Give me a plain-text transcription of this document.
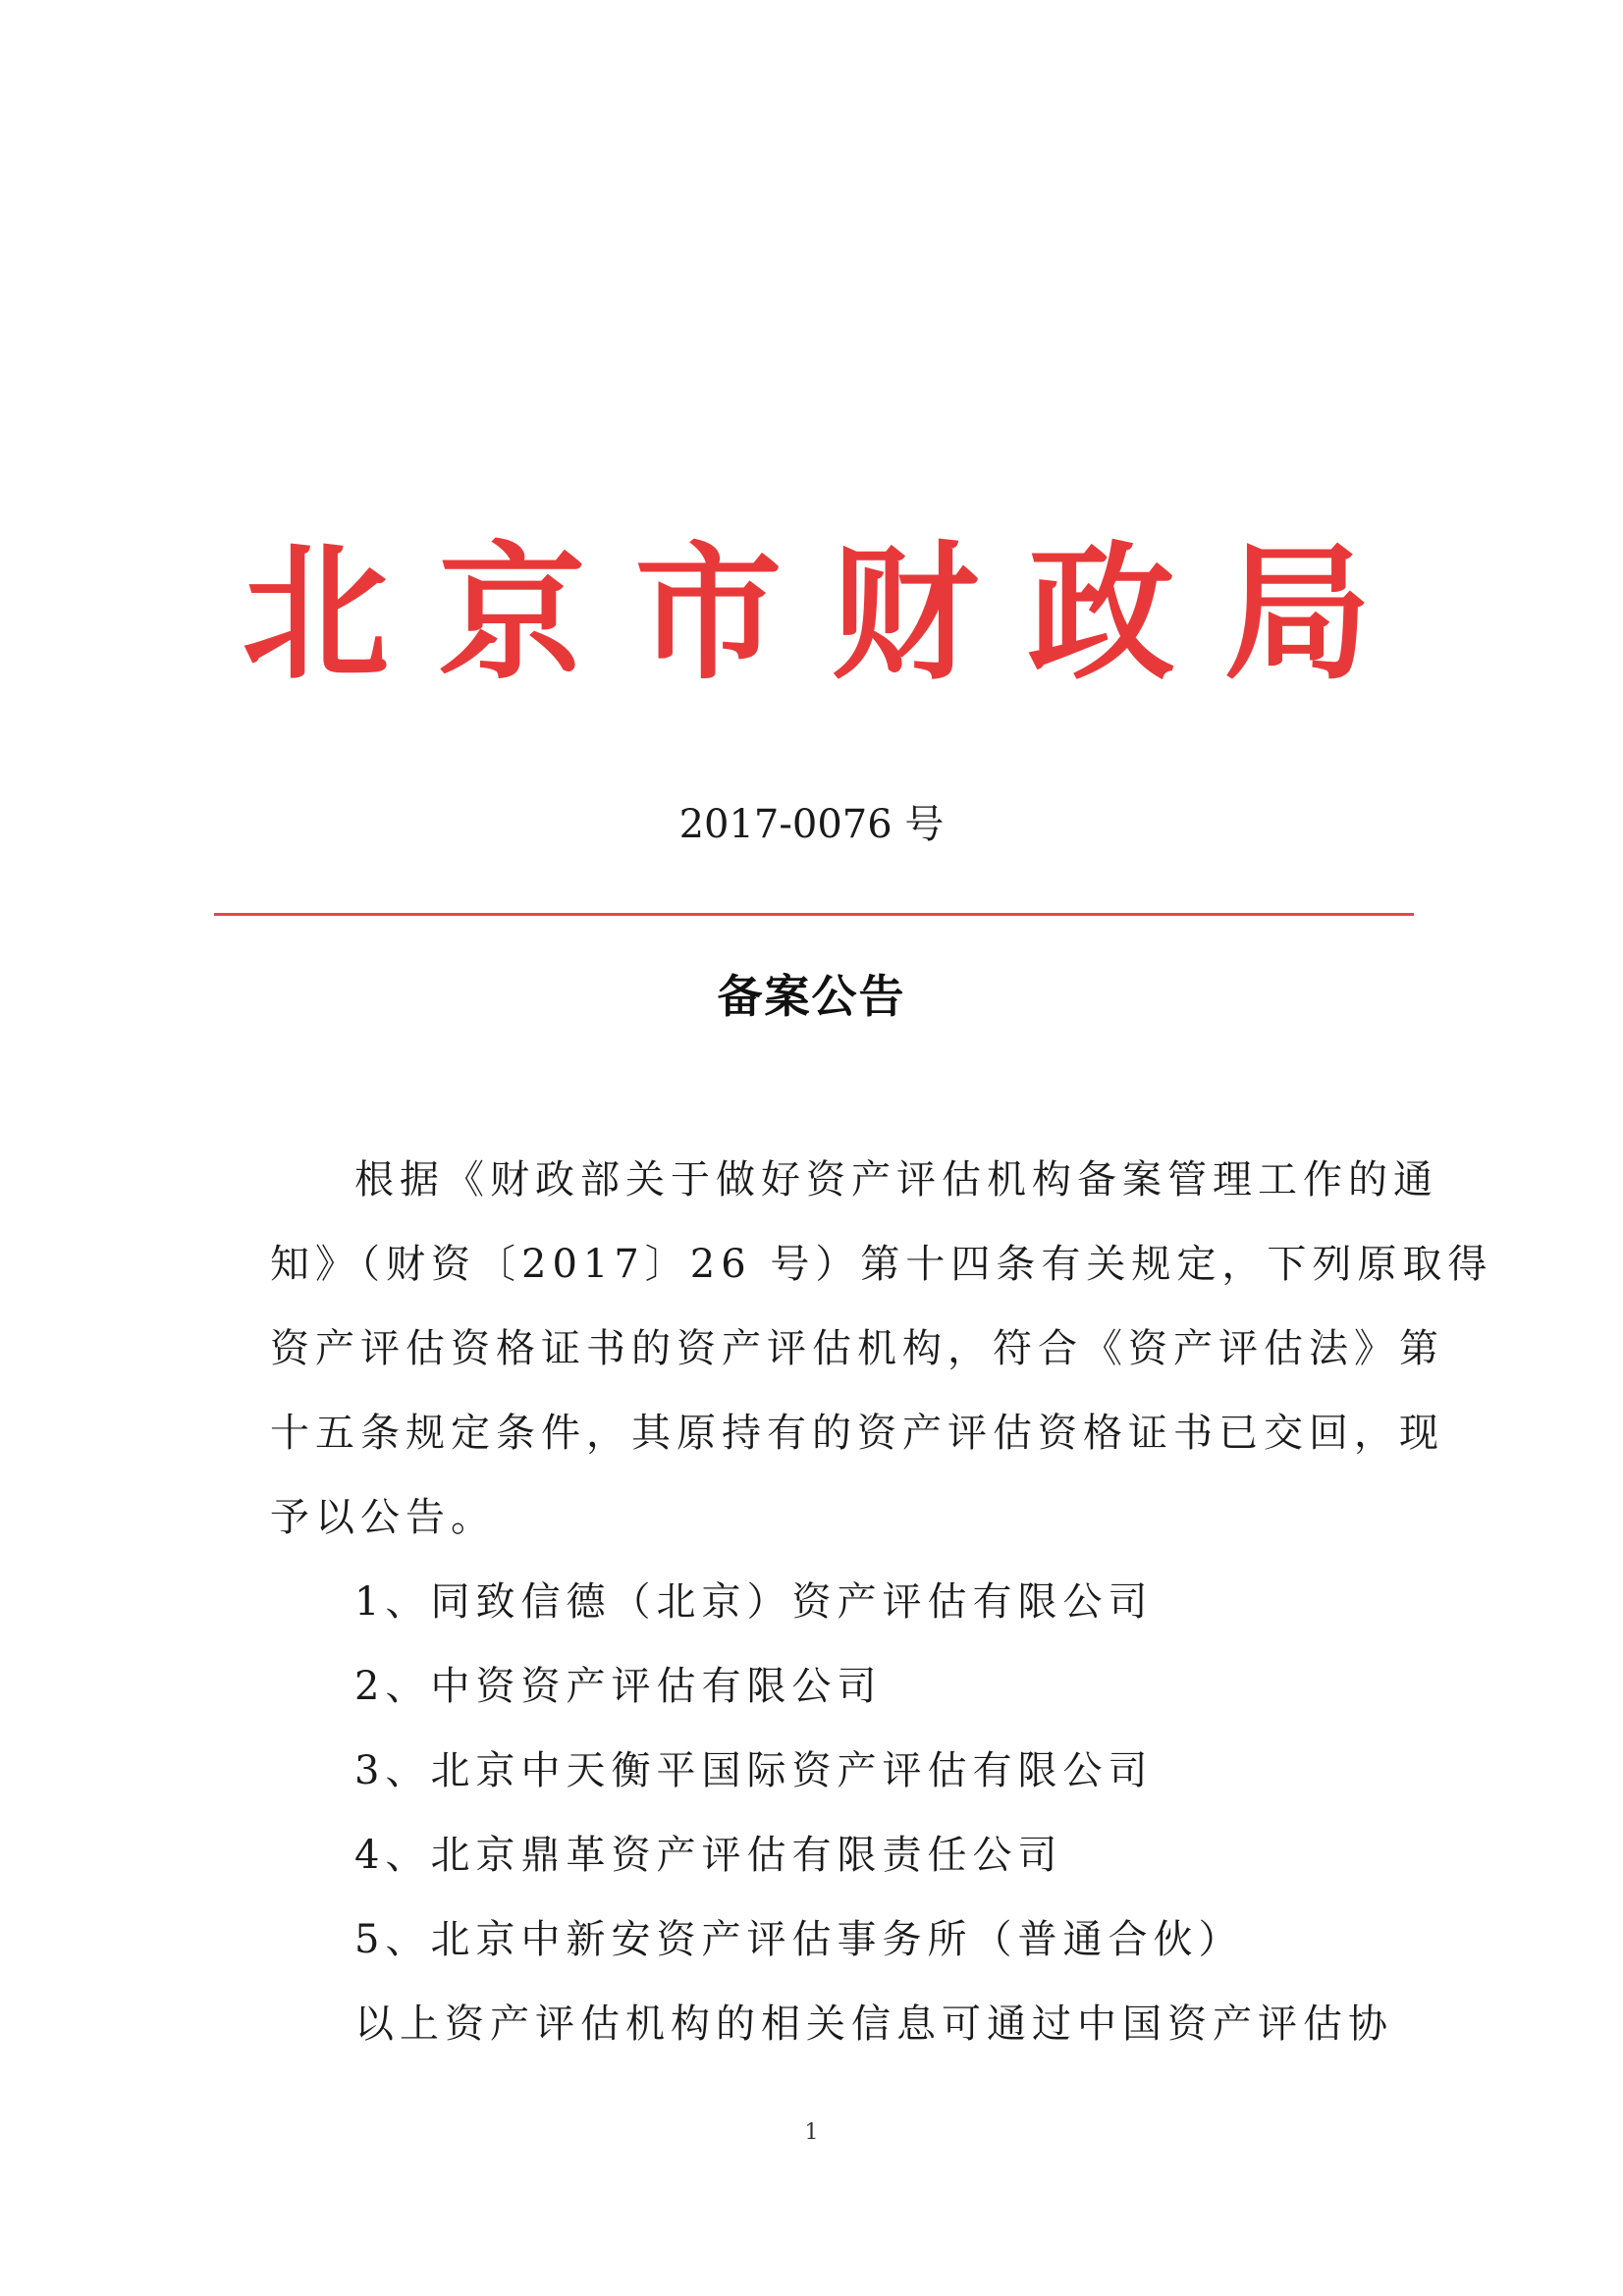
北京市财政局

2017-0076 号

备案公告
根据《财政部关于做好资产评估机构备案管理工作的通
知》（财资〔2017〕26 号）第十四条有关规定，下列原取得
资产评估资格证书的资产评估机构，符合《资产评估法》第
十五条规定条件，其原持有的资产评估资格证书已交回，现
予以公告。
1、同致信德（北京）资产评估有限公司
2、中资资产评估有限公司
3、北京中天衡平国际资产评估有限公司
4、北京鼎革资产评估有限责任公司
5、北京中新安资产评估事务所（普通合伙）
以上资产评估机构的相关信息可通过中国资产评估协

1
